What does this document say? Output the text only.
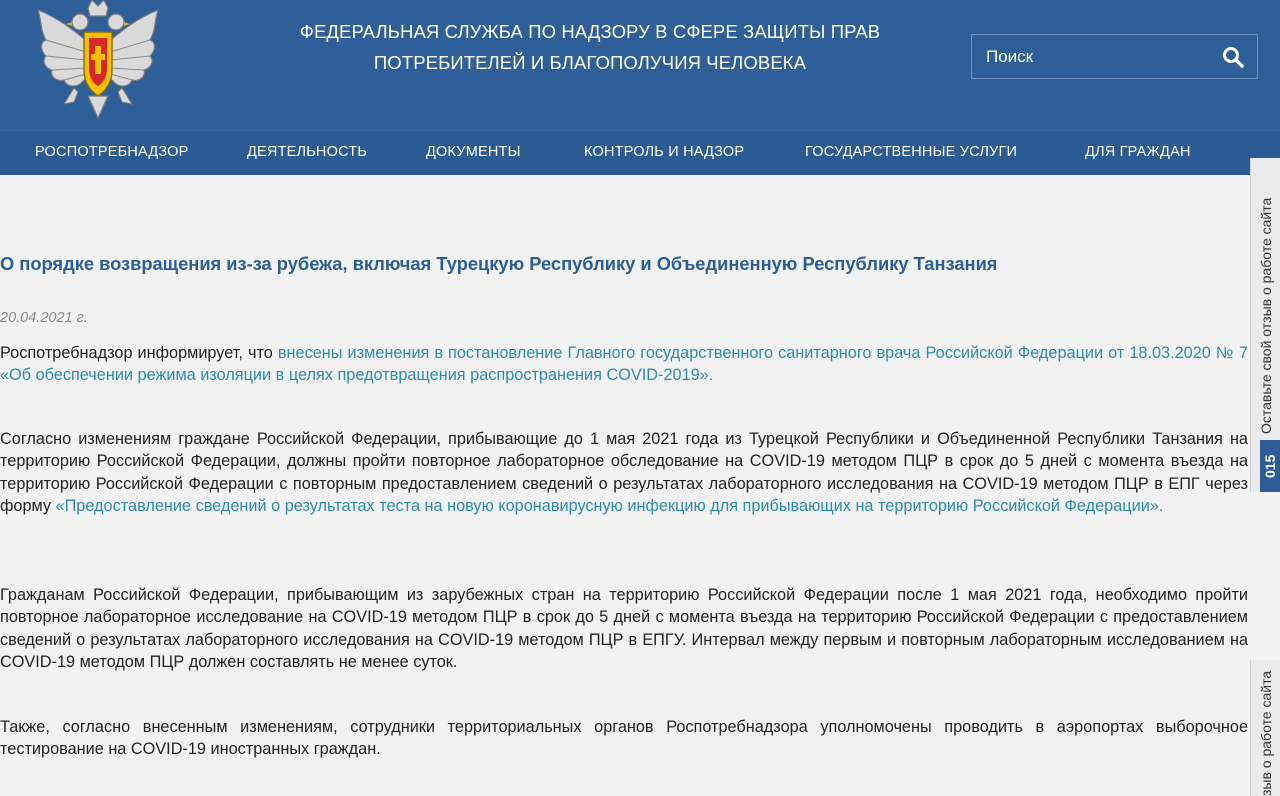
ФЕДЕРАЛЬНАЯ СЛУЖБА ПО НАДЗОРУ В СФЕРЕ ЗАЩИТЫ ПРАВ
ПОТРЕБИТЕЛЕЙ И БЛАГОПОЛУЧИЯ ЧЕЛОВЕКА	Поиск
РОСПОТРЕБНАДЗОР	ДЕЯТЕЛЬНОСТЬ	ДОКУМЕНТЫ	КОНТРОЛЬ И НАДЗОР	ГОСУДАРСТВЕННЫЕ УСЛУГИ	ДЛЯ ГРАЖДАН
О порядке возвращения из-за рубежа, включая Турецкую Республику и Объединенную Республику Танзания
20.04.2021 г.

Роспотребнадзор информирует, что внесены изменения в постановление Главного государственного санитарного врача Российской Федерации от 18.03.2020 № 7 «Об обеспечении режима изоляции в целях предотвращения распространения COVID-2019».

Согласно изменениям граждане Российской Федерации, прибывающие до 1 мая 2021 года из Турецкой Республики и Объединенной Республики Танзания на территорию Российской Федерации, должны пройти повторное лабораторное обследование на COVID-19 методом ПЦР в срок до 5 дней с момента въезда на территорию Российской Федерации с повторным предоставлением сведений о результатах лабораторного исследования на COVID-19 методом ПЦР в ЕПГ через форму «Предоставление сведений о результатах теста на новую коронавирусную инфекцию для прибывающих на территорию Российской Федерации».

Гражданам Российской Федерации, прибывающим из зарубежных стран на территорию Российской Федерации после 1 мая 2021 года, необходимо пройти повторное лабораторное исследование на COVID-19 методом ПЦР в срок до 5 дней с момента въезда на территорию Российской Федерации с предоставлением сведений о результатах лабораторного исследования на COVID-19 методом ПЦР в ЕПГУ. Интервал между первым и повторным лабораторным исследованием на COVID-19 методом ПЦР должен составлять не менее суток.

Также, согласно внесенным изменениям, сотрудники территориальных органов Роспотребнадзора уполномочены проводить в аэропортах выборочное тестирование на COVID-19 иностранных граждан.

Оставьте свой отзыв о работе сайта
015
зыв о работе сайта
